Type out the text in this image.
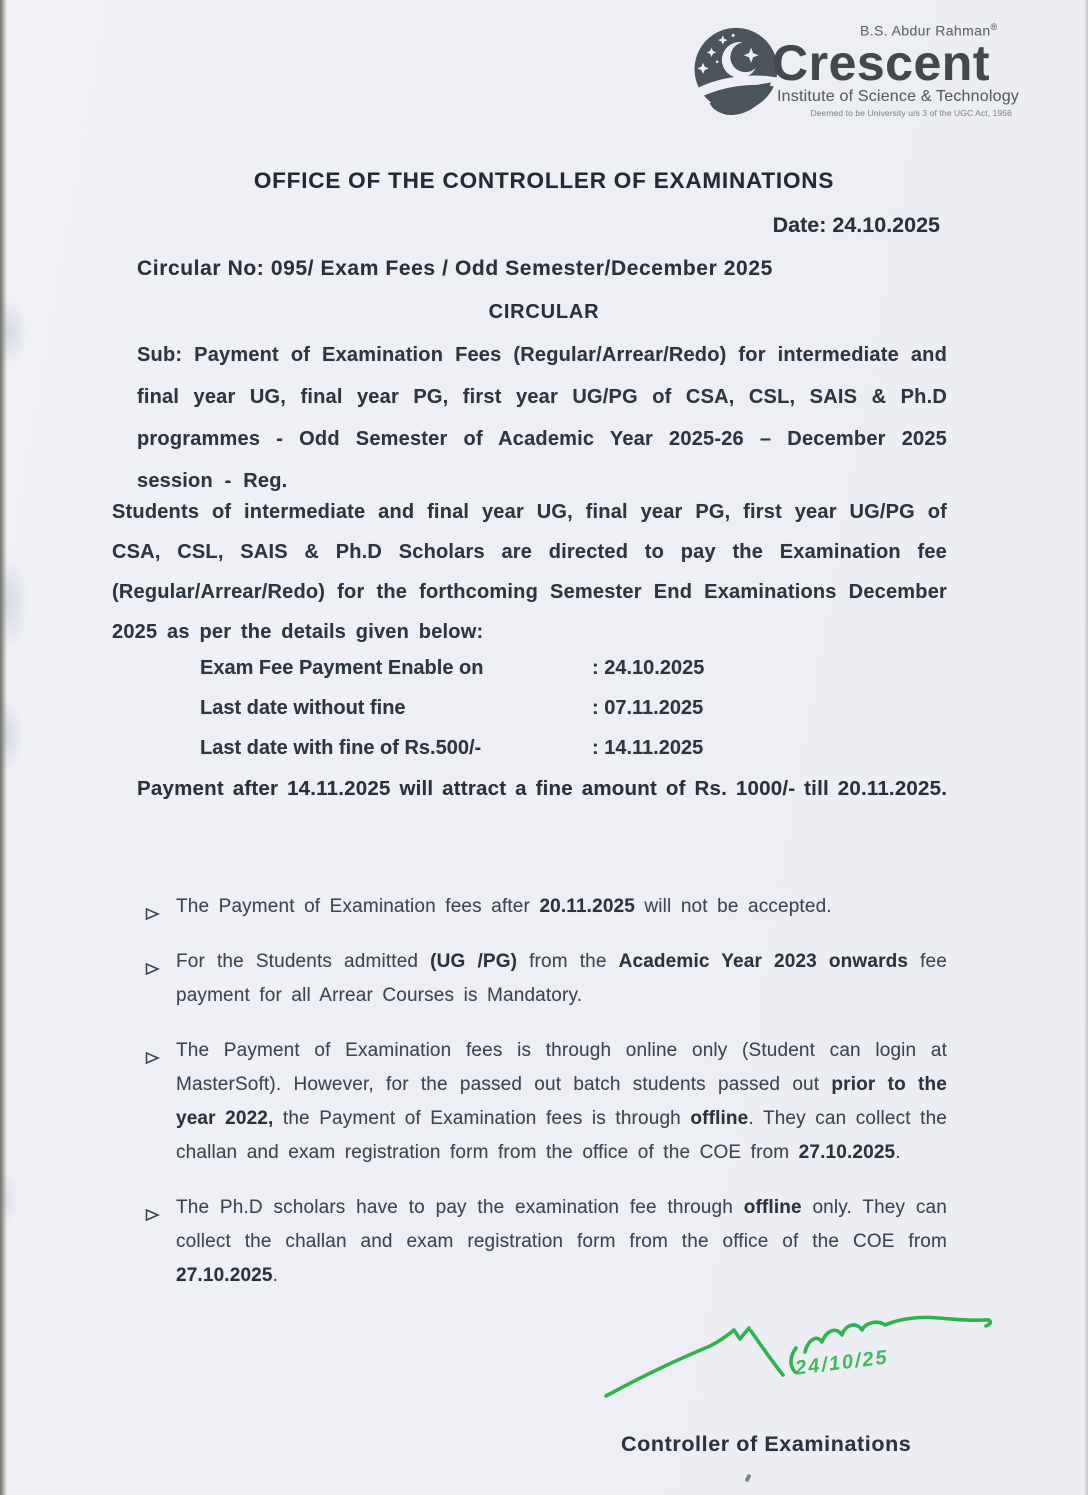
B.S. Abdur Rahman®
Crescent
Institute of Science & Technology
Deemed to be University u/s 3 of the UGC Act, 1956
OFFICE OF THE CONTROLLER OF EXAMINATIONS
Date: 24.10.2025
Circular No: 095/ Exam Fees / Odd Semester/December 2025
CIRCULAR

Sub: Payment of Examination Fees (Regular/Arrear/Redo) for intermediate and final year UG, final year PG, first year UG/PG of CSA, CSL, SAIS & Ph.D programmes - Odd Semester of Academic Year 2025-26 – December 2025 session - Reg.

Students of intermediate and final year UG, final year PG, first year UG/PG of CSA, CSL, SAIS & Ph.D Scholars are directed to pay the Examination fee (Regular/Arrear/Redo) for the forthcoming Semester End Examinations December 2025 as per the details given below:

Exam Fee Payment Enable on	: 24.10.2025
Last date without fine	: 07.11.2025
Last date with fine of Rs.500/-	: 14.11.2025

Payment after 14.11.2025 will attract a fine amount of Rs. 1000/- till 20.11.2025.

The Payment of Examination fees after 20.11.2025 will not be accepted.
For the Students admitted (UG /PG) from the Academic Year 2023 onwards fee payment for all Arrear Courses is Mandatory.
The Payment of Examination fees is through online only (Student can login at MasterSoft). However, for the passed out batch students passed out prior to the year 2022, the Payment of Examination fees is through offline. They can collect the challan and exam registration form from the office of the COE from 27.10.2025.
The Ph.D scholars have to pay the examination fee through offline only. They can collect the challan and exam registration form from the office of the COE from 27.10.2025.
24/10/25
Controller of Examinations
